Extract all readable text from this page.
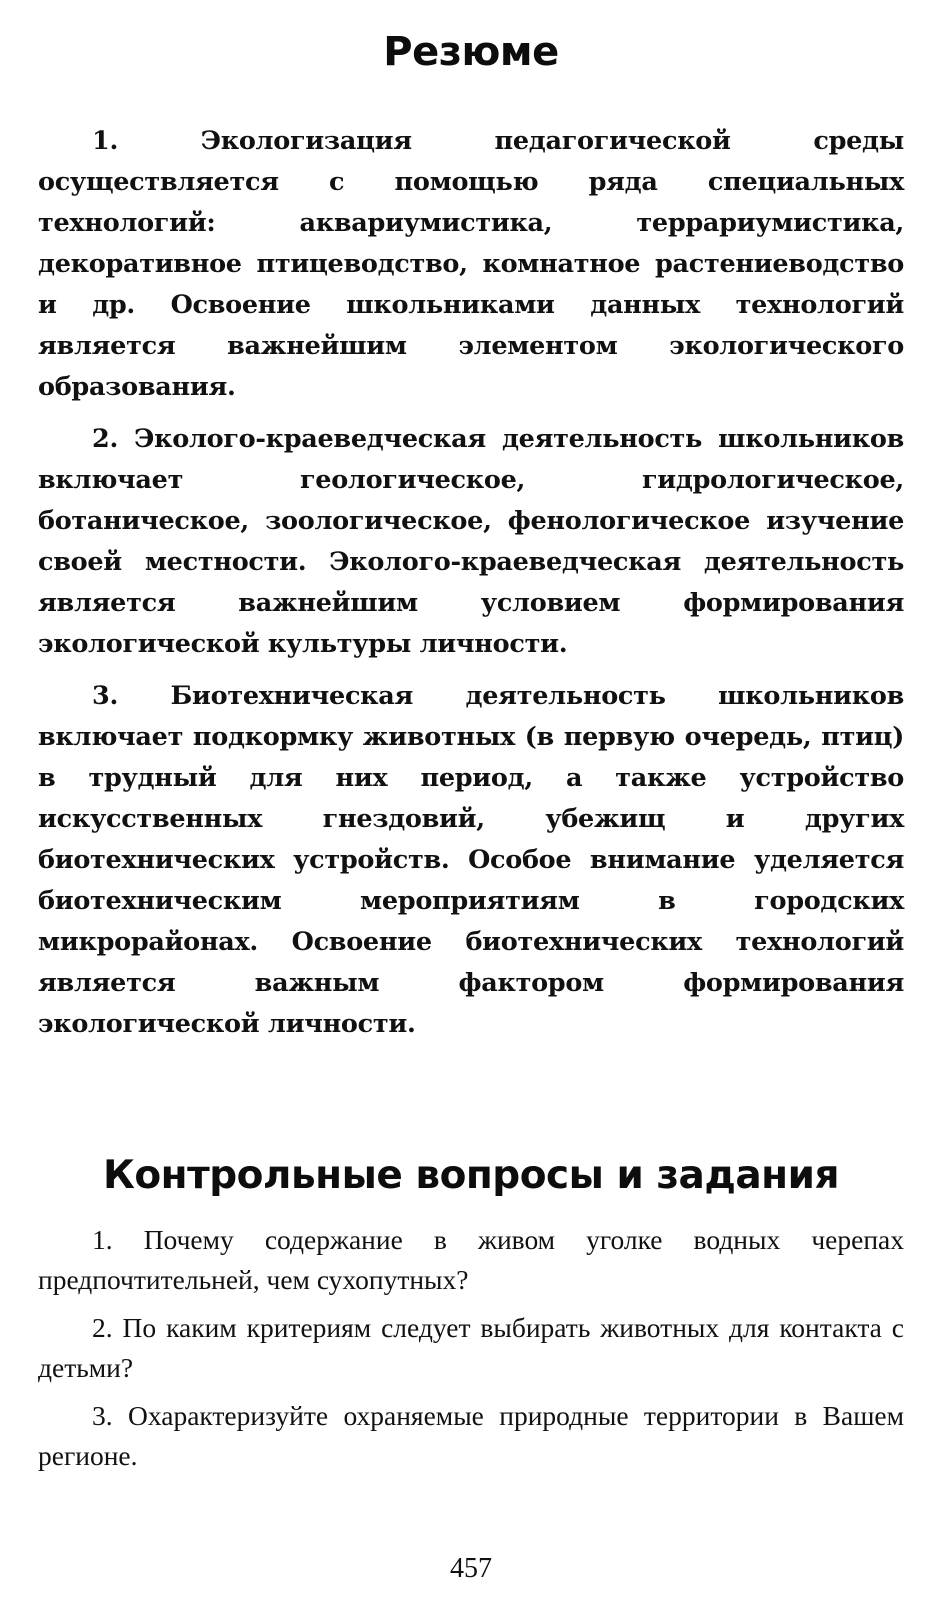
Резюме

1. Экологизация педагогической среды осуществляется с помощью ряда специальных технологий: аквариумистика, террариумистика, декоративное птицеводство, комнатное растениеводство и др. Освоение школьниками данных технологий является важнейшим элементом экологического образования.

2. Эколого-краеведческая деятельность школьников включает геологическое, гидрологическое, ботаническое, зоологическое, фенологическое изучение своей местности. Эколого-краеведческая деятельность является важнейшим условием формирования экологической культуры личности.

3. Биотехническая деятельность школьников включает подкормку животных (в первую очередь, птиц) в трудный для них период, а также устройство искусственных гнездовий, убежищ и других биотехнических устройств. Особое внимание уделяется биотехническим мероприятиям в городских микрорайонах. Освоение биотехнических технологий является важным фактором формирования экологической личности.

Контрольные вопросы и задания

1. Почему содержание в живом уголке водных черепах предпочтительней, чем сухопутных?

2. По каким критериям следует выбирать животных для контакта с детьми?

3. Охарактеризуйте охраняемые природные территории в Вашем регионе.

457
